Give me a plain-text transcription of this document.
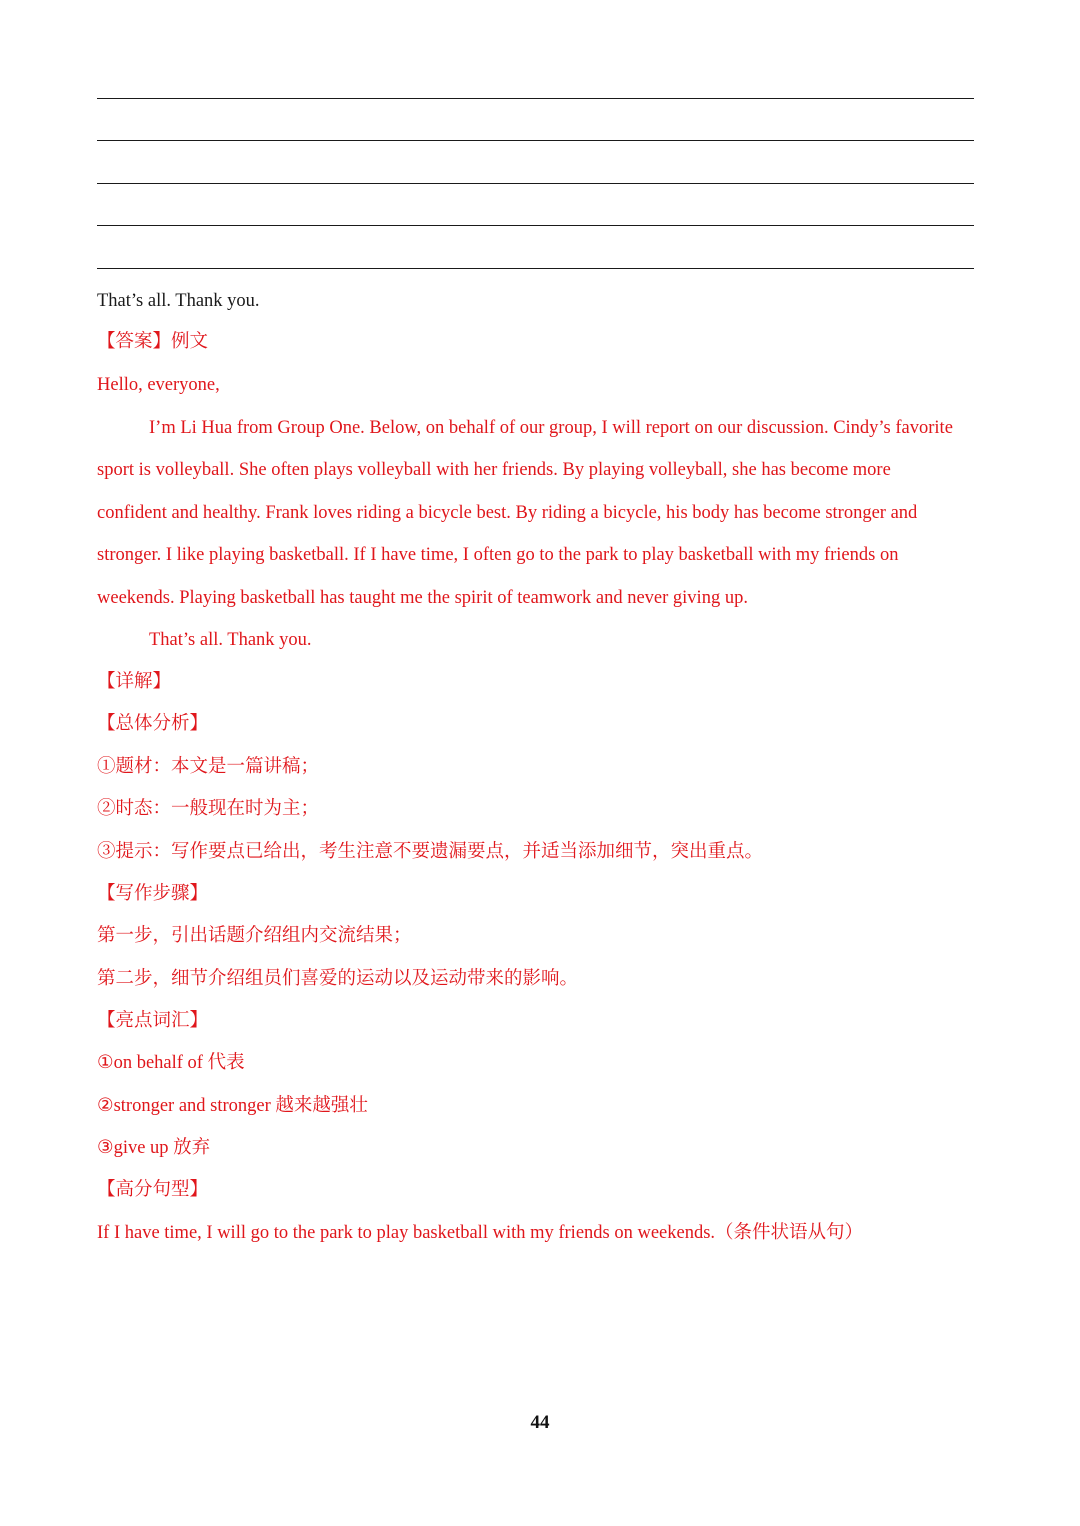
That’s all. Thank you.
【答案】例文
Hello, everyone,
I’m Li Hua from Group One. Below, on behalf of our group, I will report on our discussion. Cindy’s favorite
sport is volleyball. She often plays volleyball with her friends. By playing volleyball, she has become more
confident and healthy. Frank loves riding a bicycle best. By riding a bicycle, his body has become stronger and
stronger. I like playing basketball. If I have time, I often go to the park to play basketball with my friends on
weekends. Playing basketball has taught me the spirit of teamwork and never giving up.
That’s all. Thank you.
【详解】
【总体分析】
①题材：本文是一篇讲稿；
②时态：一般现在时为主；
③提示：写作要点已给出，考生注意不要遗漏要点，并适当添加细节，突出重点。
【写作步骤】
第一步，引出话题介绍组内交流结果；
第二步，细节介绍组员们喜爱的运动以及运动带来的影响。
【亮点词汇】
①on behalf of 代表
②stronger and stronger 越来越强壮
③give up 放弃
【高分句型】
If I have time, I will go to the park to play basketball with my friends on weekends.（条件状语从句）
44
